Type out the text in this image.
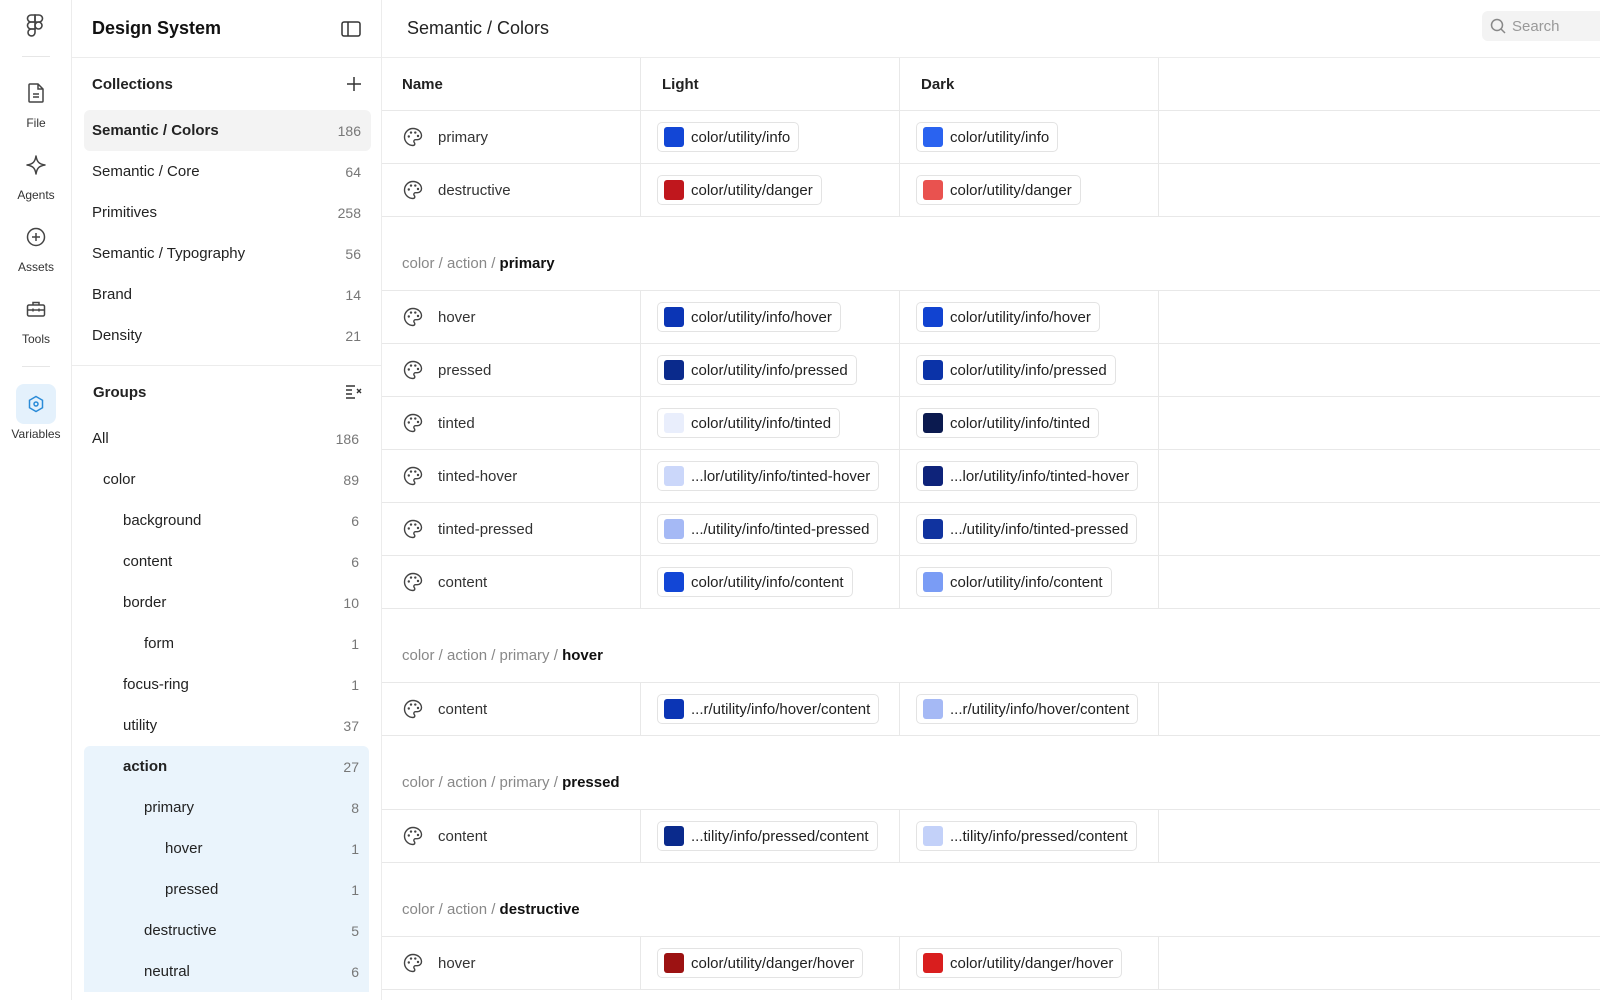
File
Agents
Assets
Tools
Variables
Design System
Collections
Semantic / Colors	186
Semantic / Core	64
Primitives	258
Semantic / Typography	56
Brand	14
Density	21
Groups
All	186
color	89
background	6
content	6
border	10
form	1
focus-ring	1
utility	37
action	27
primary	8
hover	1
pressed	1
destructive	5
neutral	6
Semantic / Colors	Search
Name	Light	Dark
primary	color/utility/info	color/utility/info
destructive	color/utility/danger	color/utility/danger
color / action / primary
hover	color/utility/info/hover	color/utility/info/hover
pressed	color/utility/info/pressed	color/utility/info/pressed
tinted	color/utility/info/tinted	color/utility/info/tinted
tinted-hover	...lor/utility/info/tinted-hover	...lor/utility/info/tinted-hover
tinted-pressed	.../utility/info/tinted-pressed	.../utility/info/tinted-pressed
content	color/utility/info/content	color/utility/info/content
color / action / primary / hover
content	...r/utility/info/hover/content	...r/utility/info/hover/content
color / action / primary / pressed
content	...tility/info/pressed/content	...tility/info/pressed/content
color / action / destructive
hover	color/utility/danger/hover	color/utility/danger/hover
